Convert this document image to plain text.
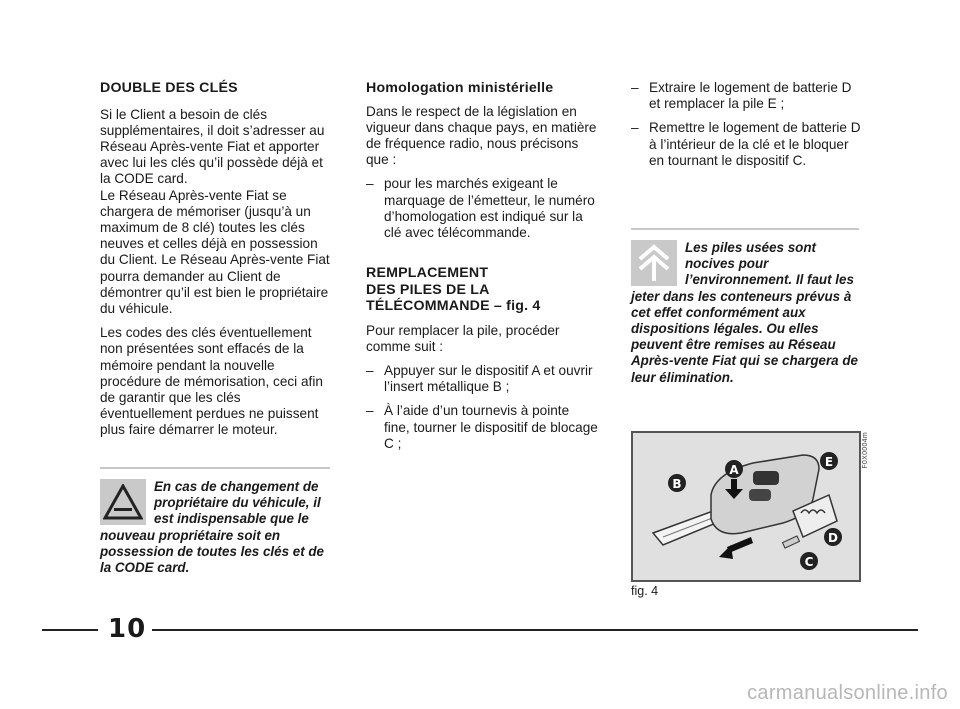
DOUBLE DES CLÉS

Si le Client a besoin de clés supplémentaires, il doit s’adresser au Réseau Après-vente Fiat et apporter avec lui les clés qu’il possède déjà et la CODE card.

Le Réseau Après-vente Fiat se chargera de mémoriser (jusqu’à un maximum de 8 clé) toutes les clés neuves et celles déjà en possession du Client. Le Réseau Après-vente Fiat pourra demander au Client de démontrer qu’il est bien le propriétaire du véhicule.

Les codes des clés éventuellement non présentées sont effacés de la mémoire pendant la nouvelle procédure de mémorisation, ceci afin de garantir que les clés éventuellement perdues ne puissent plus faire démarrer le moteur.

En cas de changement de propriétaire du véhicule, il est indispensable que le nouveau propriétaire soit en possession de toutes les clés et de la CODE card.
Homologation ministérielle

Dans le respect de la législation en vigueur dans chaque pays, en matière de fréquence radio, nous précisons que :

– pour les marchés exigeant le marquage de l’émetteur, le numéro d’homologation est indiqué sur la clé avec télécommande.
REMPLACEMENT
DES PILES DE LA
TÉLÉCOMMANDE – fig. 4

Pour remplacer la pile, procéder comme suit :

– Appuyer sur le dispositif A et ouvrir l’insert métallique B ;
– À l’aide d’un tournevis à pointe fine, tourner le dispositif de blocage C ;
– Extraire le logement de batterie D et remplacer la pile E ;
– Remettre le logement de batterie D à l’intérieur de la clé et le bloquer en tournant le dispositif C.
Les piles usées sont nocives pour l’environnement. Il faut les jeter dans les conteneurs prévus à cet effet conformément aux dispositions légales. Ou elles peuvent être remises au Réseau Après-vente Fiat qui se chargera de leur élimination.
B
A
E
D
C
F0X0004m
fig. 4
10
carmanualsonline.info
